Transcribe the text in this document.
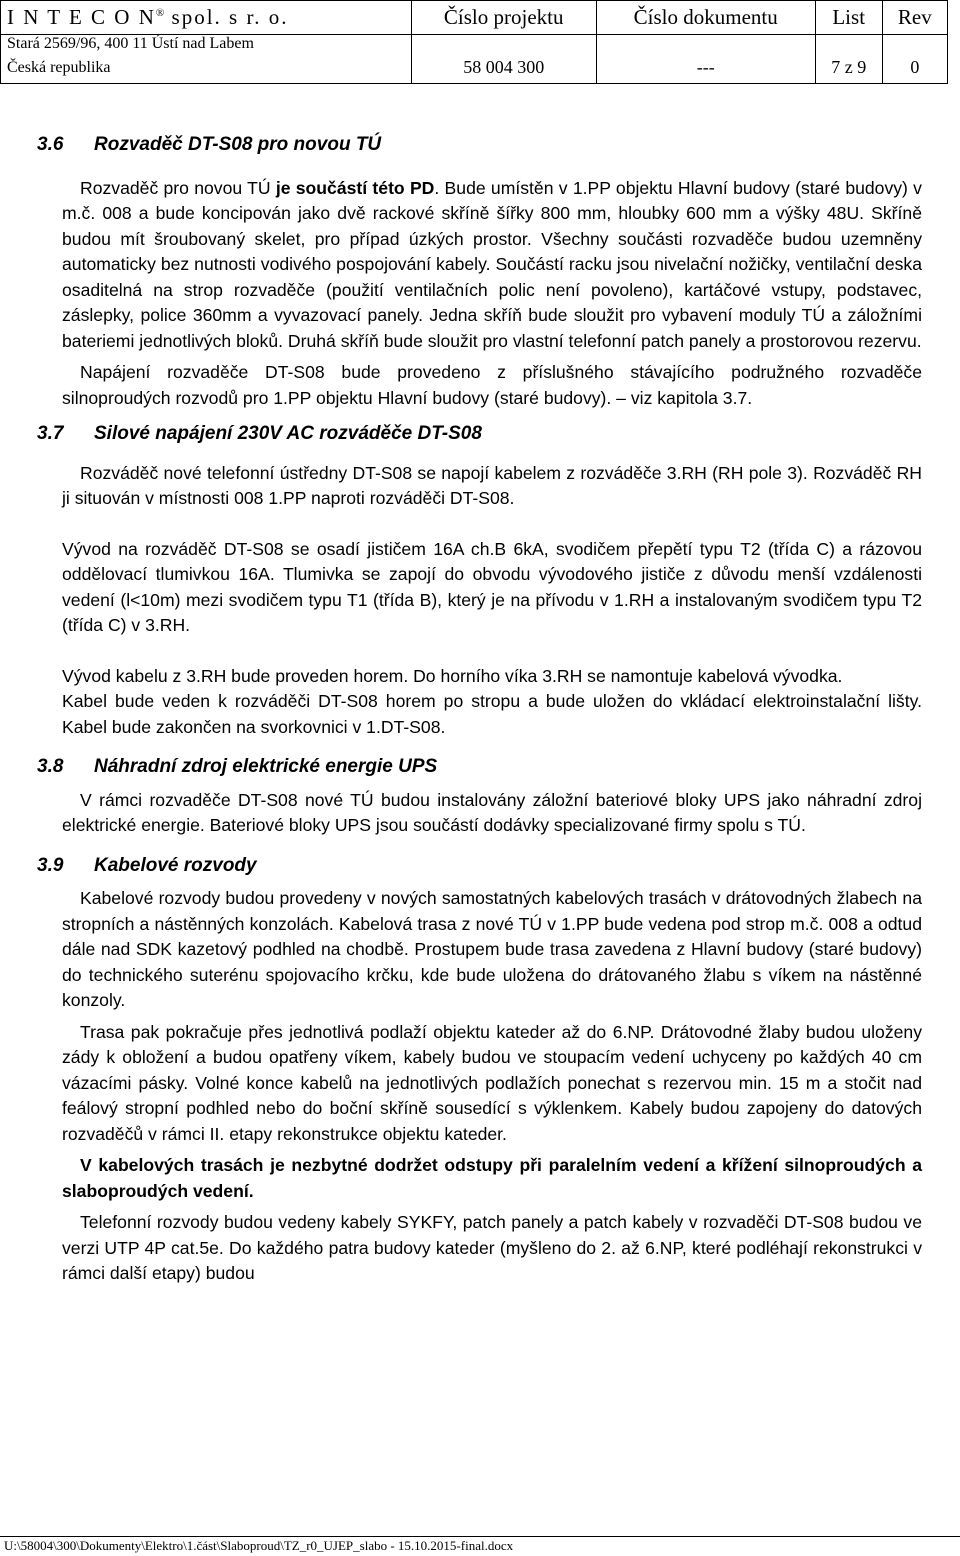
I N T E C O N® spol. s r. o.	Číslo projektu	Číslo dokumentu	List	Rev
Stará 2569/96, 400 11 Ústí nad Labem				
Česká republika	58 004 300	---	7 z 9	0
3.6 Rozvaděč DT-S08 pro novou TÚ

Rozvaděč pro novou TÚ je součástí této PD. Bude umístěn v 1.PP objektu Hlavní budovy (staré budovy) v m.č. 008 a bude koncipován jako dvě rackové skříně šířky 800 mm, hloubky 600 mm a výšky 48U. Skříně budou mít šroubovaný skelet, pro případ úzkých prostor. Všechny součásti rozvaděče budou uzemněny automaticky bez nutnosti vodivého pospojování kabely. Součástí racku jsou nivelační nožičky, ventilační deska osaditelná na strop rozvaděče (použití ventilačních polic není povoleno), kartáčové vstupy, podstavec, záslepky, police 360mm a vyvazovací panely. Jedna skříň bude sloužit pro vybavení moduly TÚ a záložními bateriemi jednotlivých bloků. Druhá skříň bude sloužit pro vlastní telefonní patch panely a prostorovou rezervu.

Napájení rozvaděče DT-S08 bude provedeno z příslušného stávajícího podružného rozvaděče silnoproudých rozvodů pro 1.PP objektu Hlavní budovy (staré budovy). – viz kapitola 3.7.

3.7 Silové napájení 230V AC rozváděče DT-S08

Rozváděč nové telefonní ústředny DT-S08 se napojí kabelem z rozváděče 3.RH (RH pole 3). Rozváděč RH ji situován v místnosti 008 1.PP naproti rozváděči DT-S08.

Vývod na rozváděč DT-S08 se osadí jističem 16A ch.B 6kA, svodičem přepětí typu T2 (třída C) a rázovou oddělovací tlumivkou 16A. Tlumivka se zapojí do obvodu vývodového jističe z důvodu menší vzdálenosti vedení (l<10m) mezi svodičem typu T1 (třída B), který je na přívodu v 1.RH a instalovaným svodičem typu T2 (třída C) v 3.RH.

Vývod kabelu z 3.RH bude proveden horem. Do horního víka 3.RH se namontuje kabelová vývodka.

Kabel bude veden k rozváděči DT-S08 horem po stropu a bude uložen do vkládací elektroinstalační lišty. Kabel bude zakončen na svorkovnici v 1.DT-S08.

3.8 Náhradní zdroj elektrické energie UPS

V rámci rozvaděče DT-S08 nové TÚ budou instalovány záložní bateriové bloky UPS jako náhradní zdroj elektrické energie. Bateriové bloky UPS jsou součástí dodávky specializované firmy spolu s TÚ.

3.9 Kabelové rozvody

Kabelové rozvody budou provedeny v nových samostatných kabelových trasách v drátovodných žlabech na stropních a nástěnných konzolách. Kabelová trasa z nové TÚ v 1.PP bude vedena pod strop m.č. 008 a odtud dále nad SDK kazetový podhled na chodbě. Prostupem bude trasa zavedena z Hlavní budovy (staré budovy) do technického suterénu spojovacího krčku, kde bude uložena do drátovaného žlabu s víkem na nástěnné konzoly.

Trasa pak pokračuje přes jednotlivá podlaží objektu kateder až do 6.NP. Drátovodné žlaby budou uloženy zády k obložení a budou opatřeny víkem, kabely budou ve stoupacím vedení uchyceny po každých 40 cm vázacími pásky. Volné konce kabelů na jednotlivých podlažích ponechat s rezervou min. 15 m a stočit nad feálový stropní podhled nebo do boční skříně sousedící s výklenkem. Kabely budou zapojeny do datových rozvaděčů v rámci II. etapy rekonstrukce objektu kateder.

V kabelových trasách je nezbytné dodržet odstupy při paralelním vedení a křížení silnoproudých a slaboproudých vedení.

Telefonní rozvody budou vedeny kabely SYKFY, patch panely a patch kabely v rozvaděči DT-S08 budou ve verzi UTP 4P cat.5e. Do každého patra budovy kateder (myšleno do 2. až 6.NP, které podléhají rekonstrukci v rámci další etapy) budou

U:\58004\300\Dokumenty\Elektro\1.část\Slaboproud\TZ_r0_UJEP_slabo - 15.10.2015-final.docx
